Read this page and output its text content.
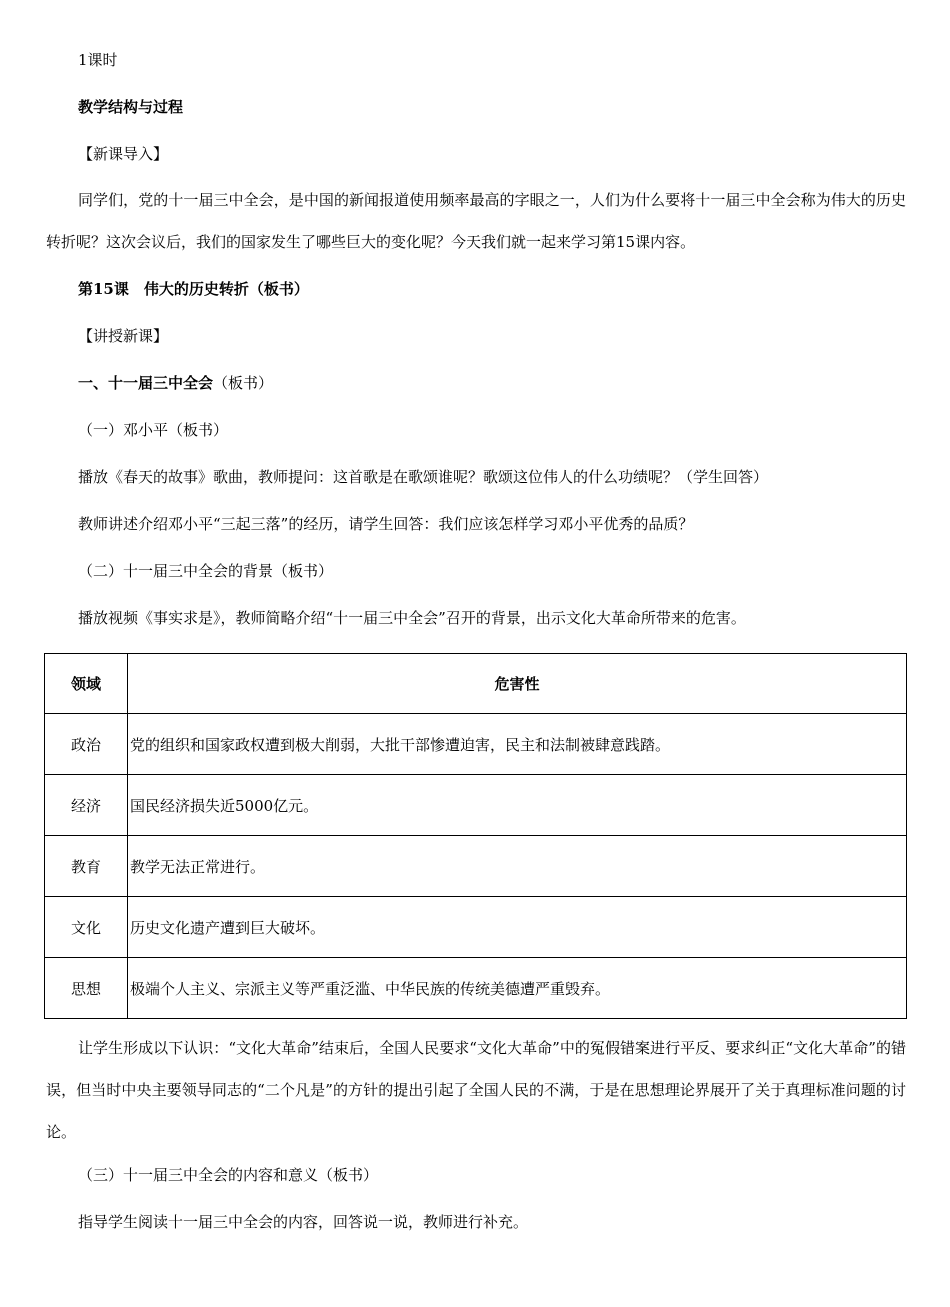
1课时
教学结构与过程
【新课导入】
同学们，党的十一届三中全会，是中国的新闻报道使用频率最高的字眼之一，人们为什么要将十一届三中全会称为伟大的历史转折呢？这次会议后，我们的国家发生了哪些巨大的变化呢？今天我们就一起来学习第15课内容。
第15课　伟大的历史转折（板书）
【讲授新课】
一、十一届三中全会（板书）
（一）邓小平（板书）
播放《春天的故事》歌曲，教师提问：这首歌是在歌颂谁呢？歌颂这位伟人的什么功绩呢？（学生回答）
教师讲述介绍邓小平“三起三落”的经历，请学生回答：我们应该怎样学习邓小平优秀的品质？
（二）十一届三中全会的背景（板书）
播放视频《事实求是》，教师简略介绍“十一届三中全会”召开的背景，出示文化大革命所带来的危害。
领域	危害性
政治	党的组织和国家政权遭到极大削弱，大批干部惨遭迫害，民主和法制被肆意践踏。
经济	国民经济损失近5000亿元。
教育	教学无法正常进行。
文化	历史文化遗产遭到巨大破坏。
思想	极端个人主义、宗派主义等严重泛滥、中华民族的传统美德遭严重毁弃。
让学生形成以下认识：“文化大革命”结束后，全国人民要求“文化大革命”中的冤假错案进行平反、要求纠正“文化大革命”的错误，但当时中央主要领导同志的“二个凡是”的方针的提出引起了全国人民的不满，于是在思想理论界展开了关于真理标准问题的讨论。
（三）十一届三中全会的内容和意义（板书）
指导学生阅读十一届三中全会的内容，回答说一说，教师进行补充。
